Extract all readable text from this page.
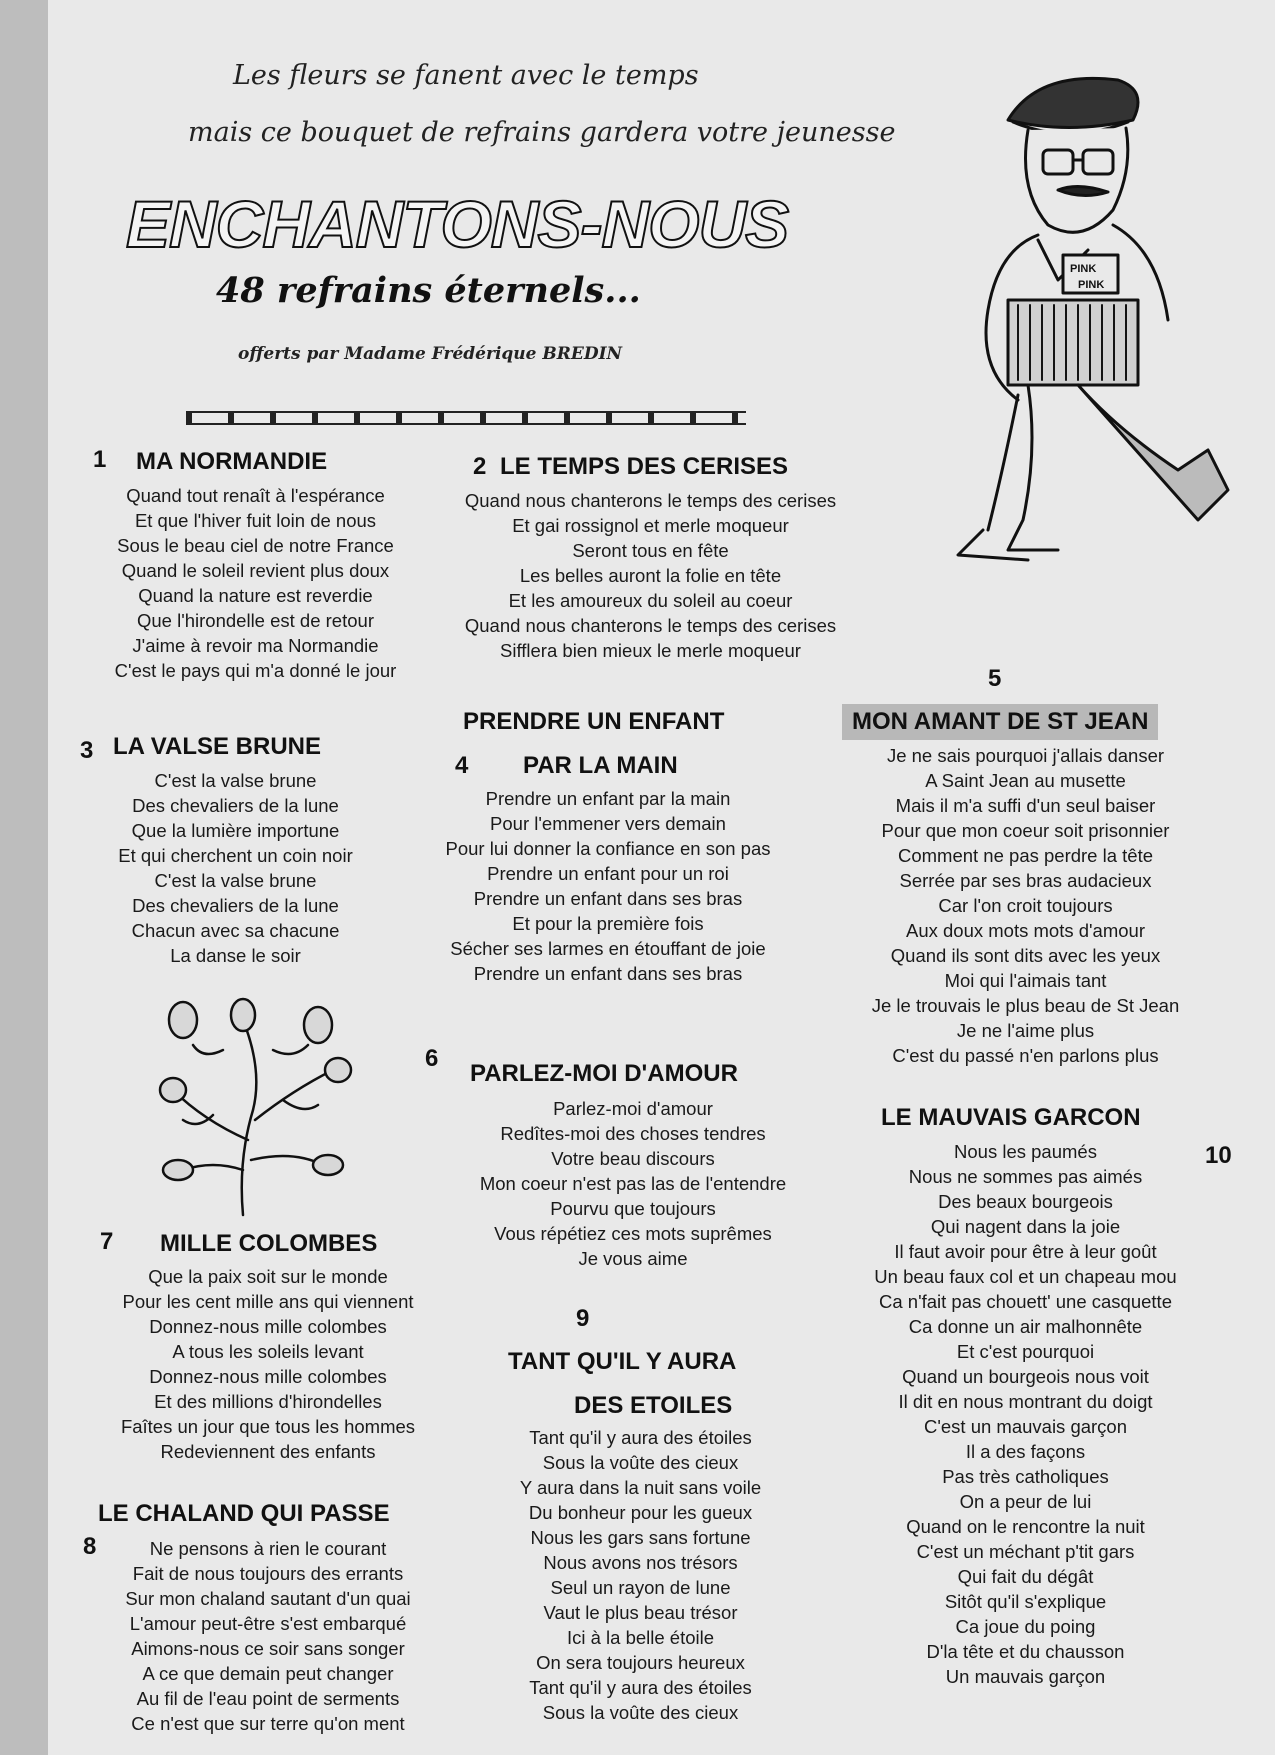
Les fleurs se fanent avec le temps
mais ce bouquet de refrains gardera votre jeunesse
ENCHANTONS-NOUS
48 refrains éternels...
offerts par Madame Frédérique BREDIN
PINK
PINK
1 MA NORMANDIE
Quand tout renaît à l'espérance
Et que l'hiver fuit loin de nous
Sous le beau ciel de notre France
Quand le soleil revient plus doux
Quand la nature est reverdie
Que l'hirondelle est de retour
J'aime à revoir ma Normandie
C'est le pays qui m'a donné le jour
2 LE TEMPS DES CERISES
Quand nous chanterons le temps des cerises
Et gai rossignol et merle moqueur
Seront tous en fête
Les belles auront la folie en tête
Et les amoureux du soleil au coeur
Quand nous chanterons le temps des cerises
Sifflera bien mieux le merle moqueur
3 LA VALSE BRUNE
C'est la valse brune
Des chevaliers de la lune
Que la lumière importune
Et qui cherchent un coin noir
C'est la valse brune
Des chevaliers de la lune
Chacun avec sa chacune
La danse le soir
PRENDRE UN ENFANT
4 PAR LA MAIN
Prendre un enfant par la main
Pour l'emmener vers demain
Pour lui donner la confiance en son pas
Prendre un enfant pour un roi
Prendre un enfant dans ses bras
Et pour la première fois
Sécher ses larmes en étouffant de joie
Prendre un enfant dans ses bras
5
MON AMANT DE ST JEAN
Je ne sais pourquoi j'allais danser
A Saint Jean au musette
Mais il m'a suffi d'un seul baiser
Pour que mon coeur soit prisonnier
Comment ne pas perdre la tête
Serrée par ses bras audacieux
Car l'on croit toujours
Aux doux mots mots d'amour
Quand ils sont dits avec les yeux
Moi qui l'aimais tant
Je le trouvais le plus beau de St Jean
Je ne l'aime plus
C'est du passé n'en parlons plus
6
PARLEZ-MOI D'AMOUR
Parlez-moi d'amour
Redîtes-moi des choses tendres
Votre beau discours
Mon coeur n'est pas las de l'entendre
Pourvu que toujours
Vous répétiez ces mots suprêmes
Je vous aime
7 MILLE COLOMBES
Que la paix soit sur le monde
Pour les cent mille ans qui viennent
Donnez-nous mille colombes
A tous les soleils levant
Donnez-nous mille colombes
Et des millions d'hirondelles
Faîtes un jour que tous les hommes
Redeviennent des enfants
LE CHALAND QUI PASSE
8	Ne pensons à rien le courant
Fait de nous toujours des errants
Sur mon chaland sautant d'un quai
L'amour peut-être s'est embarqué
Aimons-nous ce soir sans songer
A ce que demain peut changer
Au fil de l'eau point de serments
Ce n'est que sur terre qu'on ment
9
TANT QU'IL Y AURA
DES ETOILES
Tant qu'il y aura des étoiles
Sous la voûte des cieux
Y aura dans la nuit sans voile
Du bonheur pour les gueux
Nous les gars sans fortune
Nous avons nos trésors
Seul un rayon de lune
Vaut le plus beau trésor
Ici à la belle étoile
On sera toujours heureux
Tant qu'il y aura des étoiles
Sous la voûte des cieux
LE MAUVAIS GARCON
10
Nous les paumés
Nous ne sommes pas aimés
Des beaux bourgeois
Qui nagent dans la joie
Il faut avoir pour être à leur goût
Un beau faux col et un chapeau mou
Ca n'fait pas chouett' une casquette
Ca donne un air malhonnête
Et c'est pourquoi
Quand un bourgeois nous voit
Il dit en nous montrant du doigt
C'est un mauvais garçon
Il a des façons
Pas très catholiques
On a peur de lui
Quand on le rencontre la nuit
C'est un méchant p'tit gars
Qui fait du dégât
Sitôt qu'il s'explique
Ca joue du poing
D'la tête et du chausson
Un mauvais garçon
